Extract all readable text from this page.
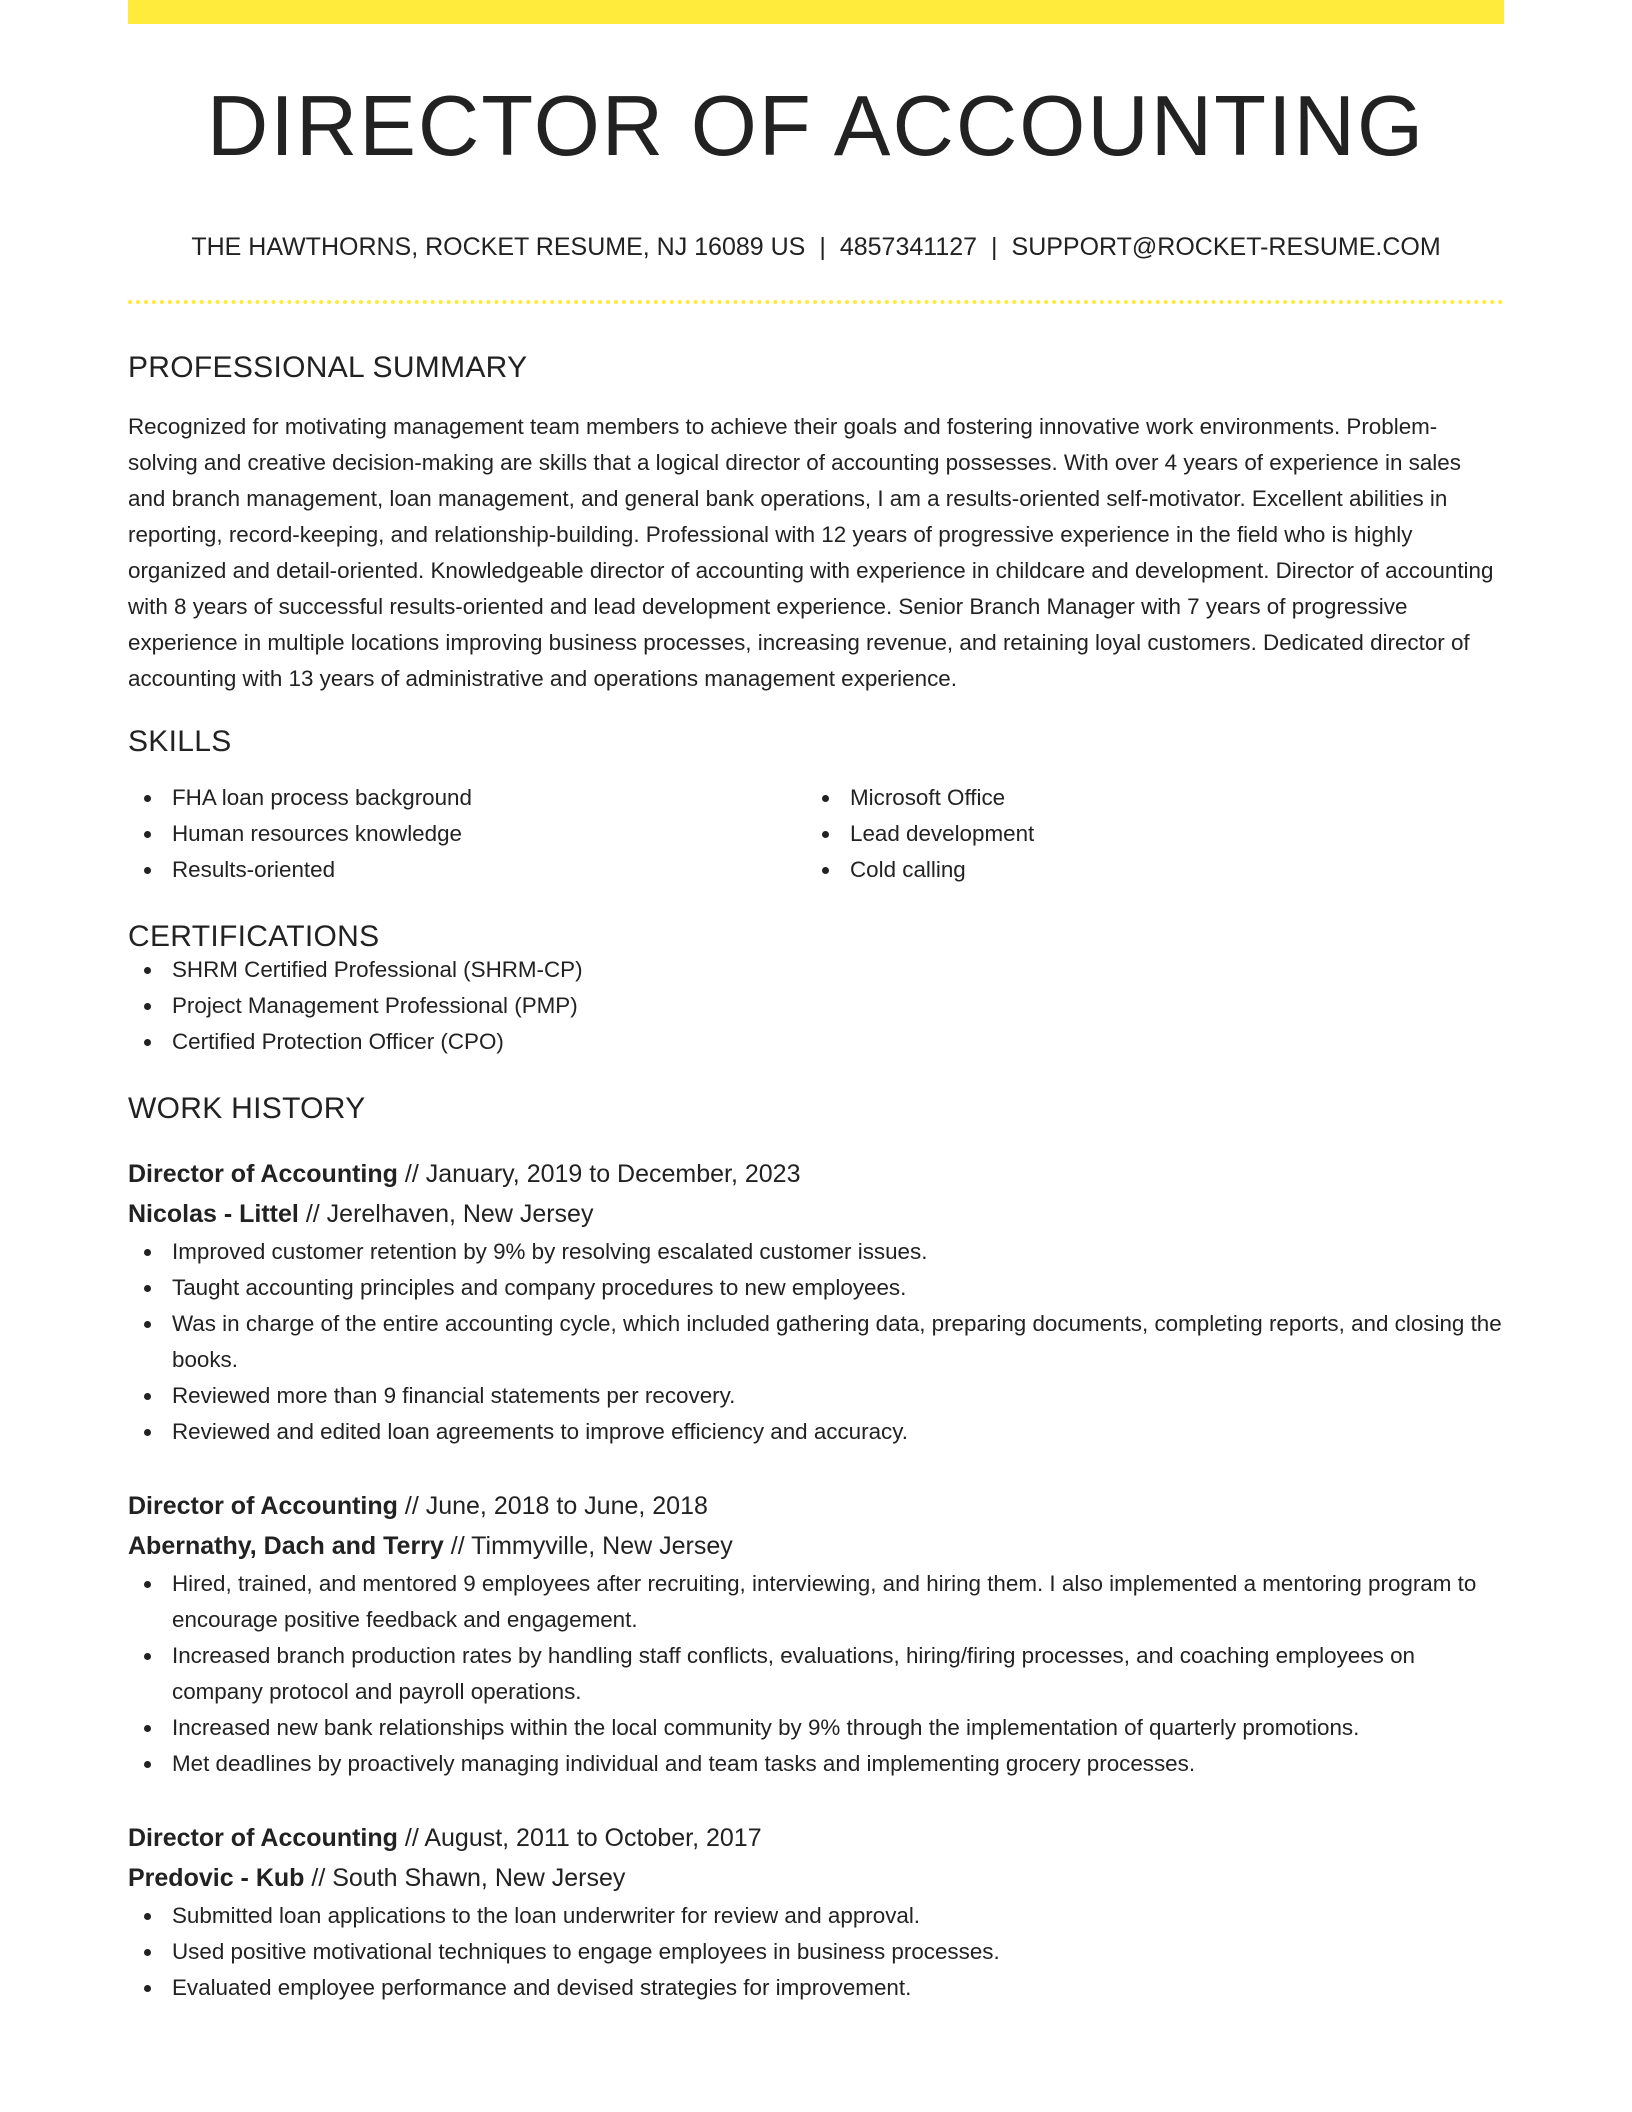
DIRECTOR OF ACCOUNTING
THE HAWTHORNS, ROCKET RESUME, NJ 16089 US | 4857341127 | SUPPORT@ROCKET-RESUME.COM
PROFESSIONAL SUMMARY

Recognized for motivating management team members to achieve their goals and fostering innovative work environments. Problem-solving and creative decision-making are skills that a logical director of accounting possesses. With over 4 years of experience in sales and branch management, loan management, and general bank operations, I am a results-oriented self-motivator. Excellent abilities in reporting, record-keeping, and relationship-building. Professional with 12 years of progressive experience in the field who is highly organized and detail-oriented. Knowledgeable director of accounting with experience in childcare and development. Director of accounting with 8 years of successful results-oriented and lead development experience. Senior Branch Manager with 7 years of progressive experience in multiple locations improving business processes, increasing revenue, and retaining loyal customers. Dedicated director of accounting with 13 years of administrative and operations management experience.

SKILLS
FHA loan process background
Human resources knowledge
Results-oriented
Microsoft Office
Lead development
Cold calling
CERTIFICATIONS
SHRM Certified Professional (SHRM-CP)
Project Management Professional (PMP)
Certified Protection Officer (CPO)
WORK HISTORY
Director of Accounting // January, 2019 to December, 2023
Nicolas - Littel // Jerelhaven, New Jersey
Improved customer retention by 9% by resolving escalated customer issues.
Taught accounting principles and company procedures to new employees.
Was in charge of the entire accounting cycle, which included gathering data, preparing documents, completing reports, and closing the books.
Reviewed more than 9 financial statements per recovery.
Reviewed and edited loan agreements to improve efficiency and accuracy.
Director of Accounting // June, 2018 to June, 2018
Abernathy, Dach and Terry // Timmyville, New Jersey
Hired, trained, and mentored 9 employees after recruiting, interviewing, and hiring them. I also implemented a mentoring program to encourage positive feedback and engagement.
Increased branch production rates by handling staff conflicts, evaluations, hiring/firing processes, and coaching employees on company protocol and payroll operations.
Increased new bank relationships within the local community by 9% through the implementation of quarterly promotions.
Met deadlines by proactively managing individual and team tasks and implementing grocery processes.
Director of Accounting // August, 2011 to October, 2017
Predovic - Kub // South Shawn, New Jersey
Submitted loan applications to the loan underwriter for review and approval.
Used positive motivational techniques to engage employees in business processes.
Evaluated employee performance and devised strategies for improvement.
